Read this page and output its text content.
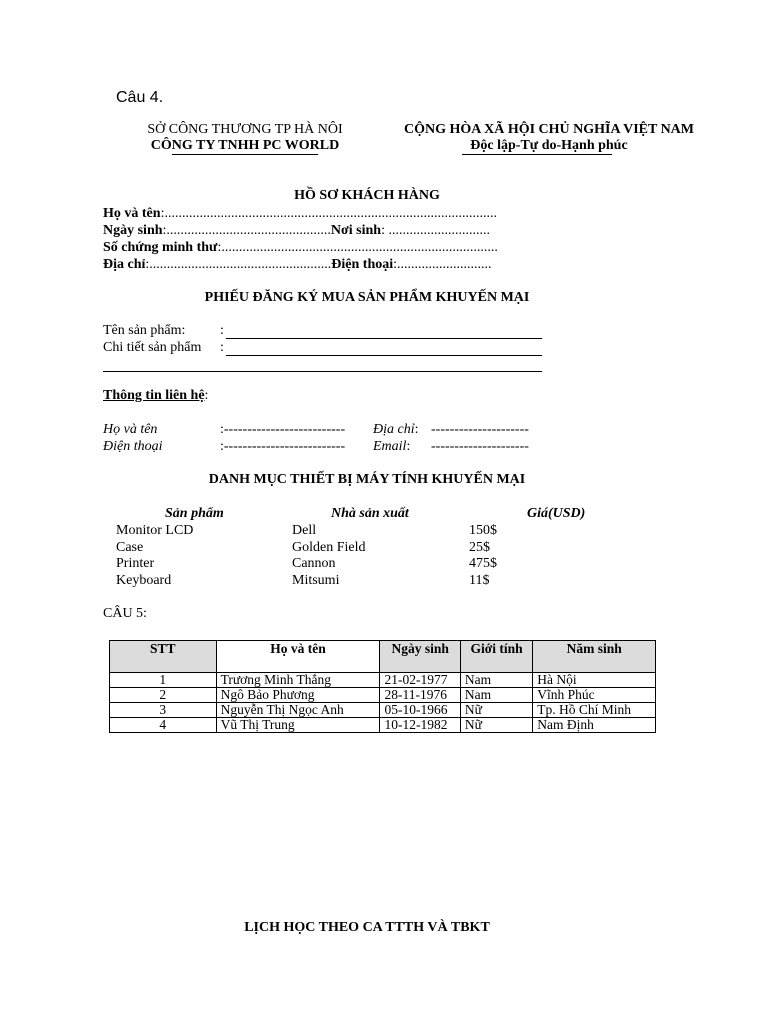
Câu 4.
SỞ CÔNG THƯƠNG TP HÀ NÔI
CÔNG TY TNHH PC WORLD
CỘNG HÒA XÃ HỘI CHỦ NGHĨA VIỆT NAM
Độc lập-Tự do-Hạnh phúc
HỒ SƠ KHÁCH HÀNG
Họ và tên:...............................................................................................
Ngày sinh:...............................................Nơi sinh: .............................
Số chứng minh thư:...............................................................................
Địa chỉ:....................................................Điện thoại:...........................
PHIẾU ĐĂNG KÝ MUA SẢN PHẨM KHUYẾN MẠI
Tên sản phẩm: :
Chi tiết sản phẩm :
Thông tin liên hệ:
Họ và tên	:-------------------------- Địa chỉ: ---------------------
Điện thoại	:-------------------------- Email: ---------------------
DANH MỤC THIẾT BỊ MÁY TÍNH KHUYẾN MẠI
Sản phẩm	Nhà sản xuất	Giá(USD)
Monitor LCD	Dell	150$
Case	Golden Field	25$
Printer	Cannon	475$
Keyboard	Mitsumi	11$
CÂU 5:
STT	Họ và tên	Ngày sinh	Giới tính	Năm sinh
1	Trương Minh Thắng	21-02-1977	Nam	Hà Nội
2	Ngô Bảo Phương	28-11-1976	Nam	Vĩnh Phúc
3	Nguyễn Thị Ngọc Anh	05-10-1966	Nữ	Tp. Hồ Chí Minh
4	Vũ Thị Trung	10-12-1982	Nữ	Nam Định
LỊCH HỌC THEO CA TTTH VÀ TBKT
